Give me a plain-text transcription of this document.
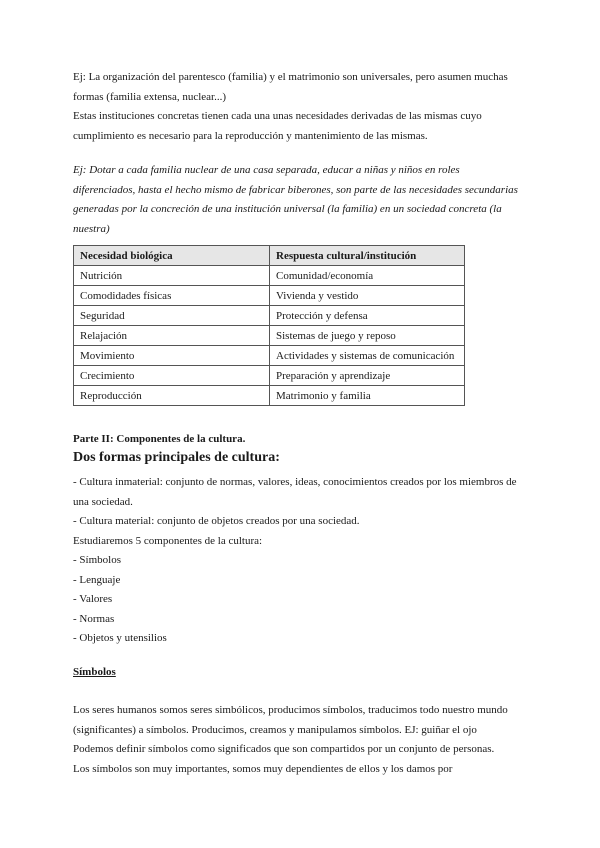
Ej: La organización del parentesco (familia) y el matrimonio son universales, pero asumen muchas
formas (familia extensa, nuclear...)
Estas instituciones concretas tienen cada una unas necesidades derivadas de las mismas cuyo
cumplimiento es necesario para la reproducción y mantenimiento de las mismas.

Ej: Dotar a cada familia nuclear de una casa separada, educar a niñas y niños en roles
diferenciados, hasta el hecho mismo de fabricar biberones, son parte de las necesidades secundarias
generadas por la concreción de una institución universal (la familia) en un sociedad concreta (la
nuestra)

Necesidad biológica	Respuesta cultural/institución
Nutrición	Comunidad/economía
Comodidades físicas	Vivienda y vestido
Seguridad	Protección y defensa
Relajación	Sistemas de juego y reposo
Movimiento	Actividades y sistemas de comunicación
Crecimiento	Preparación y aprendizaje
Reproducción	Matrimonio y familia

Parte II: Componentes de la cultura.

Dos formas principales de cultura:

- Cultura inmaterial: conjunto de normas, valores, ideas, conocimientos creados por los miembros de
una sociedad.
- Cultura material: conjunto de objetos creados por una sociedad.
Estudiaremos 5 componentes de la cultura:
- Símbolos
- Lenguaje
- Valores
- Normas
- Objetos y utensilios

Símbolos

Los seres humanos somos seres simbólicos, producimos símbolos, traducimos todo nuestro mundo
(significantes) a símbolos. Producimos, creamos y manipulamos símbolos. EJ: guiñar el ojo
Podemos definir símbolos como significados que son compartidos por un conjunto de personas.
Los símbolos son muy importantes, somos muy dependientes de ellos y los damos por
